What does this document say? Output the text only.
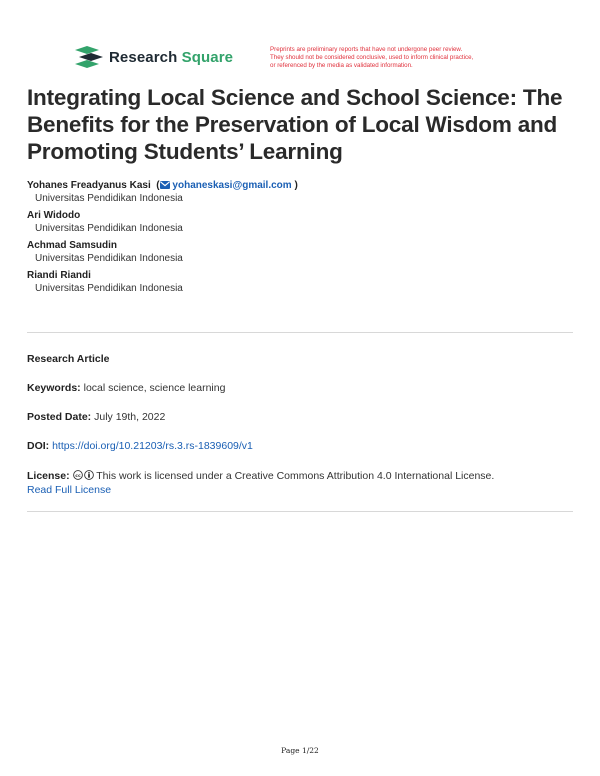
Research Square	Preprints are preliminary reports that have not undergone peer review.
They should not be considered conclusive, used to inform clinical practice,
or referenced by the media as validated information.
Integrating Local Science and School Science: The Benefits for the Preservation of Local Wisdom and Promoting Students’ Learning
Yohanes Freadyanus Kasi  ( yohaneskasi@gmail.com )
Universitas Pendidikan Indonesia
Ari Widodo
Universitas Pendidikan Indonesia
Achmad Samsudin
Universitas Pendidikan Indonesia
Riandi Riandi
Universitas Pendidikan Indonesia
Research Article
Keywords: local science, science learning
Posted Date: July 19th, 2022
DOI: https://doi.org/10.21203/rs.3.rs-1839609/v1
License: cc This work is licensed under a Creative Commons Attribution 4.0 International License.
Read Full License
Page 1/22
